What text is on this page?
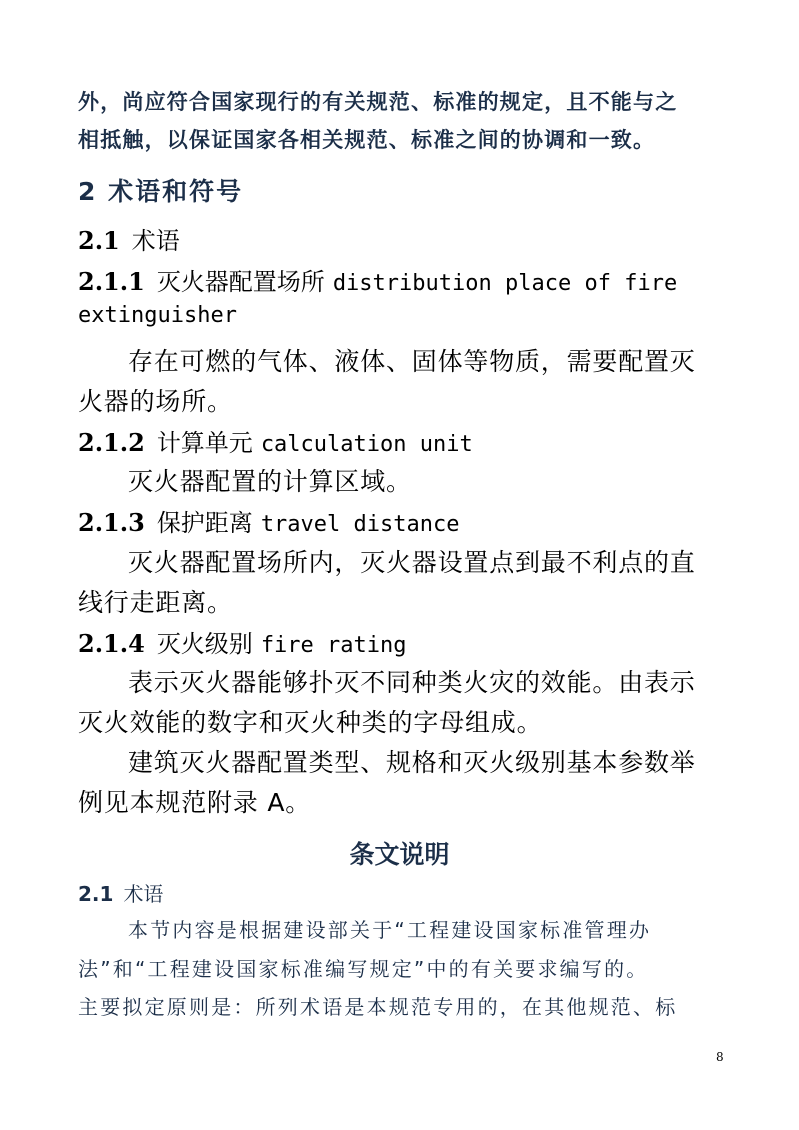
外，尚应符合国家现行的有关规范、标准的规定，且不能与之
相抵触，以保证国家各相关规范、标准之间的协调和一致。
2 术语和符号
2.1 术语
2.1.1 灭火器配置场所 distribution place of fire
extinguisher
存在可燃的气体、液体、固体等物质，需要配置灭
火器的场所。
2.1.2 计算单元 calculation unit
灭火器配置的计算区域。
2.1.3 保护距离 travel distance
灭火器配置场所内，灭火器设置点到最不利点的直
线行走距离。
2.1.4 灭火级别 fire rating
表示灭火器能够扑灭不同种类火灾的效能。由表示
灭火效能的数字和灭火种类的字母组成。
建筑灭火器配置类型、规格和灭火级别基本参数举
例见本规范附录 A。
条文说明
2.1 术语
本节内容是根据建设部关于“工程建设国家标准管理办
法”和“工程建设国家标准编写规定”中的有关要求编写的。
主要拟定原则是：所列术语是本规范专用的，在其他规范、标
8
